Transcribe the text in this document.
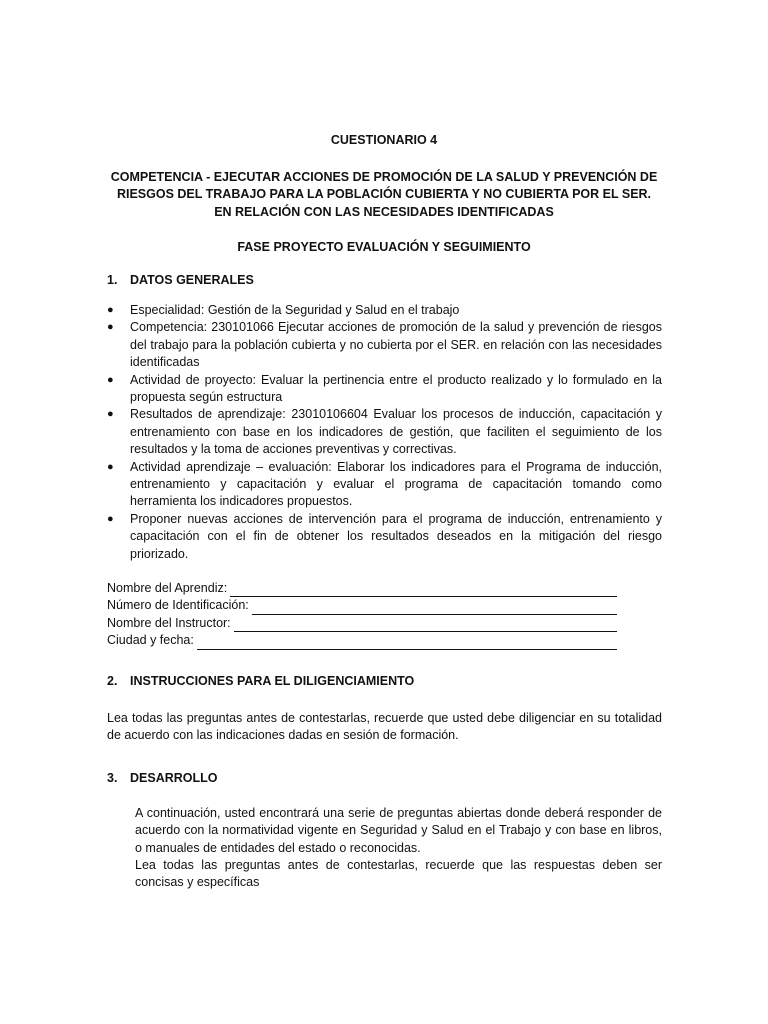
CUESTIONARIO 4
COMPETENCIA - EJECUTAR ACCIONES DE PROMOCIÓN DE LA SALUD Y PREVENCIÓN DE RIESGOS DEL TRABAJO PARA LA POBLACIÓN CUBIERTA Y NO CUBIERTA POR EL SER. EN RELACIÓN CON LAS NECESIDADES IDENTIFICADAS
FASE PROYECTO EVALUACIÓN Y SEGUIMIENTO
1. DATOS GENERALES
● Especialidad: Gestión de la Seguridad y Salud en el trabajo
● Competencia: 230101066 Ejecutar acciones de promoción de la salud y prevención de riesgos del trabajo para la población cubierta y no cubierta por el SER. en relación con las necesidades identificadas
● Actividad de proyecto: Evaluar la pertinencia entre el producto realizado y lo formulado en la propuesta según estructura
● Resultados de aprendizaje: 23010106604 Evaluar los procesos de inducción, capacitación y entrenamiento con base en los indicadores de gestión, que faciliten el seguimiento de los resultados y la toma de acciones preventivas y correctivas.
● Actividad aprendizaje – evaluación: Elaborar los indicadores para el Programa de inducción, entrenamiento y capacitación y evaluar el programa de capacitación tomando como herramienta los indicadores propuestos.
● Proponer nuevas acciones de intervención para el programa de inducción, entrenamiento y capacitación con el fin de obtener los resultados deseados en la mitigación del riesgo priorizado.
Nombre del Aprendiz:
Número de Identificación:
Nombre del Instructor:
Ciudad y fecha:
2. INSTRUCCIONES PARA EL DILIGENCIAMIENTO
Lea todas las preguntas antes de contestarlas, recuerde que usted debe diligenciar en su totalidad de acuerdo con las indicaciones dadas en sesión de formación.
3. DESARROLLO
A continuación, usted encontrará una serie de preguntas abiertas donde deberá responder de acuerdo con la normatividad vigente en Seguridad y Salud en el Trabajo y con base en libros, o manuales de entidades del estado o reconocidas.
Lea todas las preguntas antes de contestarlas, recuerde que las respuestas deben ser concisas y específicas
